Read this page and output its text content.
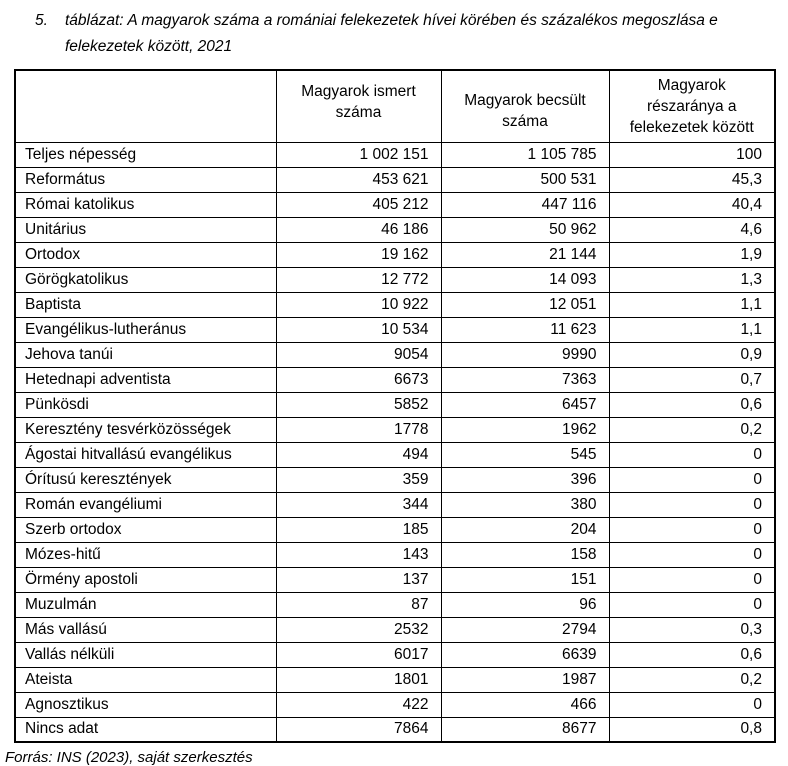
5.	táblázat: A magyarok száma a romániai felekezetek hívei körében és százalékos megoszlása e felekezetek között, 2021
	Magyarok ismert száma	Magyarok becsült száma	Magyarok részaránya a felekezetek között
Teljes népesség	1 002 151	1 105 785	100
Református	453 621	500 531	45,3
Római katolikus	405 212	447 116	40,4
Unitárius	46 186	50 962	4,6
Ortodox	19 162	21 144	1,9
Görögkatolikus	12 772	14 093	1,3
Baptista	10 922	12 051	1,1
Evangélikus-lutheránus	10 534	11 623	1,1
Jehova tanúi	9054	9990	0,9
Hetednapi adventista	6673	7363	0,7
Pünkösdi	5852	6457	0,6
Keresztény tesvérközösségek	1778	1962	0,2
Ágostai hitvallású evangélikus	494	545	0
Órítusú keresztények	359	396	0
Román evangéliumi	344	380	0
Szerb ortodox	185	204	0
Mózes-hitű	143	158	0
Örmény apostoli	137	151	0
Muzulmán	87	96	0
Más vallású	2532	2794	0,3
Vallás nélküli	6017	6639	0,6
Ateista	1801	1987	0,2
Agnosztikus	422	466	0
Nincs adat	7864	8677	0,8
Forrás: INS (2023), saját szerkesztés
